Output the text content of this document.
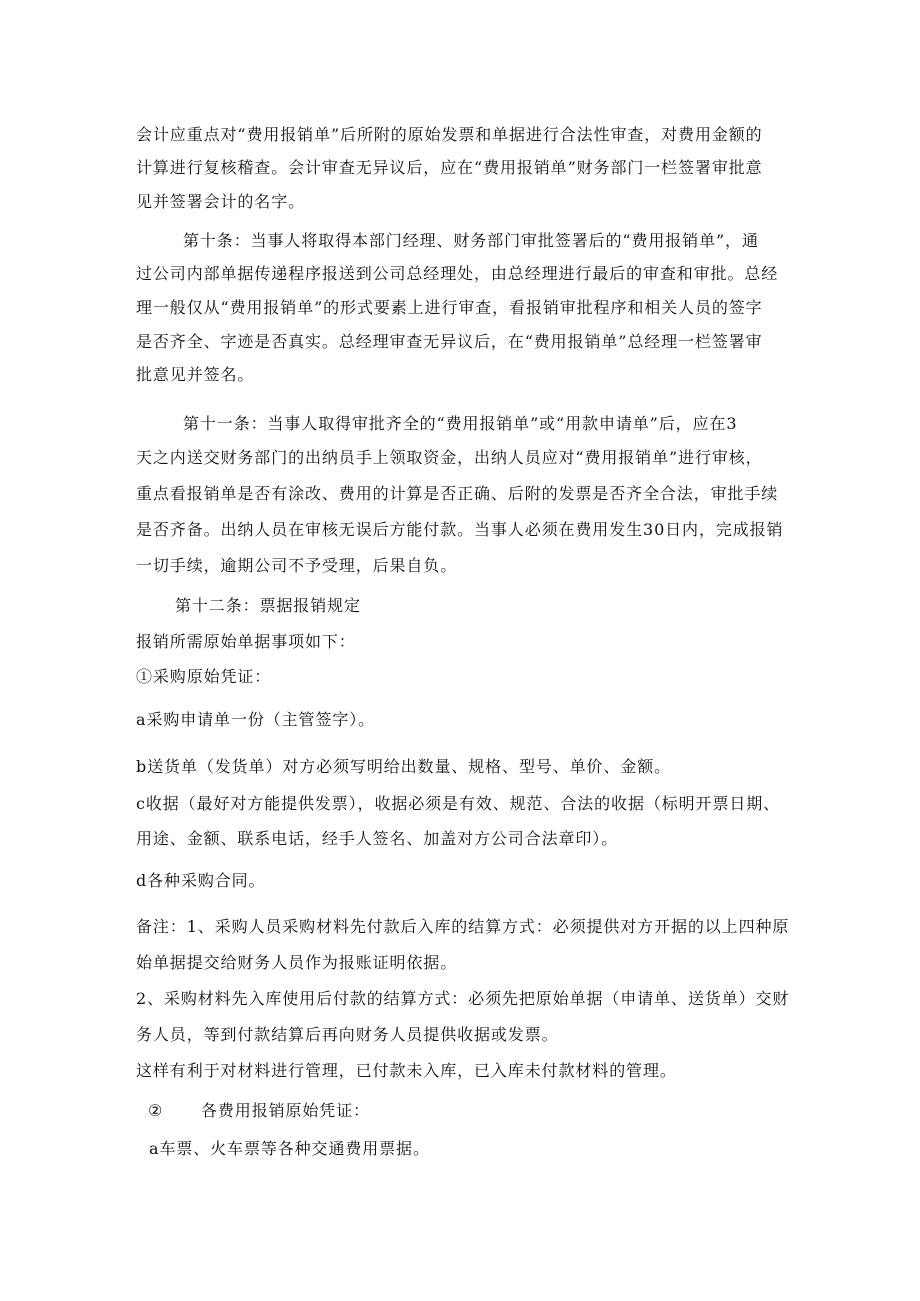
会计应重点对“费用报销单”后所附的原始发票和单据进行合法性审查，对费用金额的
计算进行复核稽查。会计审查无异议后，应在“费用报销单”财务部门一栏签署审批意
见并签署会计的名字。
第十条：当事人将取得本部门经理、财务部门审批签署后的“费用报销单”，通
过公司内部单据传递程序报送到公司总经理处，由总经理进行最后的审查和审批。总经
理一般仅从“费用报销单”的形式要素上进行审查，看报销审批程序和相关人员的签字
是否齐全、字迹是否真实。总经理审查无异议后，在“费用报销单”总经理一栏签署审
批意见并签名。
第十一条：当事人取得审批齐全的“费用报销单”或“用款申请单”后，应在3
天之内送交财务部门的出纳员手上领取资金，出纳人员应对“费用报销单”进行审核，
重点看报销单是否有涂改、费用的计算是否正确、后附的发票是否齐全合法，审批手续
是否齐备。出纳人员在审核无误后方能付款。当事人必须在费用发生30日内，完成报销
一切手续，逾期公司不予受理，后果自负。
第十二条：票据报销规定
报销所需原始单据事项如下：
①采购原始凭证：
a采购申请单一份（主管签字）。
b送货单（发货单）对方必须写明给出数量、规格、型号、单价、金额。
c收据（最好对方能提供发票），收据必须是有效、规范、合法的收据（标明开票日期、
用途、金额、联系电话，经手人签名、加盖对方公司合法章印）。
d各种采购合同。
备注：1、采购人员采购材料先付款后入库的结算方式：必须提供对方开据的以上四种原
始单据提交给财务人员作为报账证明依据。
2、采购材料先入库使用后付款的结算方式：必须先把原始单据（申请单、送货单）交财
务人员，等到付款结算后再向财务人员提供收据或发票。
这样有利于对材料进行管理，已付款未入库，已入库未付款材料的管理。
② 各费用报销原始凭证：
a车票、火车票等各种交通费用票据。
